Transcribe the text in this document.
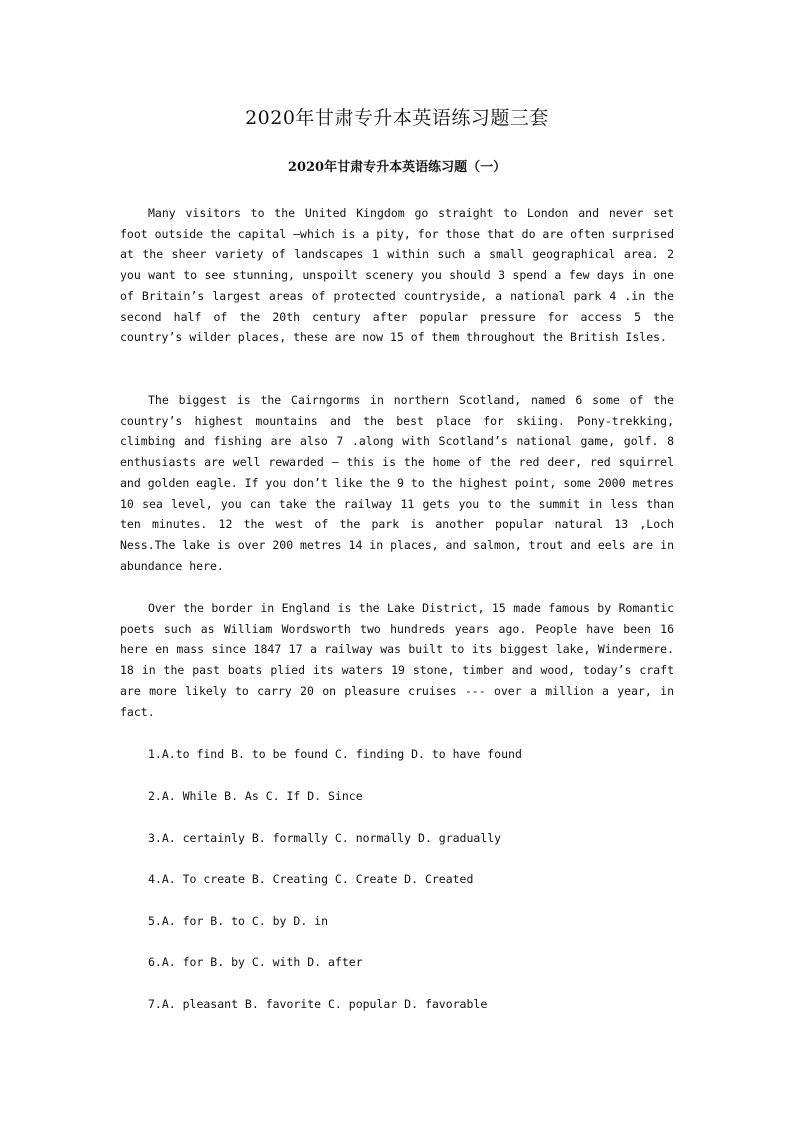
2020年甘肃专升本英语练习题三套
2020年甘肃专升本英语练习题（一）

Many visitors to the United Kingdom go straight to London and never set foot outside the capital —which is a pity, for those that do are often surprised at the sheer variety of landscapes 1 within such a small geographical area. 2 you want to see stunning, unspoilt scenery you should 3 spend a few days in one of Britain’s largest areas of protected countryside, a national park 4 .in the second half of the 20th century after popular pressure for access 5 the country’s wilder places, these are now 15 of them throughout the British Isles.

The biggest is the Cairngorms in northern Scotland, named 6 some of the country’s highest mountains and the best place for skiing. Pony-trekking, climbing and fishing are also 7 .along with Scotland’s national game, golf. 8 enthusiasts are well rewarded — this is the home of the red deer, red squirrel and golden eagle. If you don’t like the 9 to the highest point, some 2000 metres 10 sea level, you can take the railway 11 gets you to the summit in less than ten minutes. 12 the west of the park is another popular natural 13 ,Loch Ness.The lake is over 200 metres 14 in places, and salmon, trout and eels are in abundance here.

Over the border in England is the Lake District, 15 made famous by Romantic poets such as William Wordsworth two hundreds years ago. People have been 16 here en mass since 1847 17 a railway was built to its biggest lake, Windermere. 18 in the past boats plied its waters 19 stone, timber and wood, today’s craft are more likely to carry 20 on pleasure cruises --- over a million a year, in fact.

1.A.to find B. to be found C. finding D. to have found
2.A. While B. As C. If D. Since
3.A. certainly B. formally C. normally D. gradually
4.A. To create B. Creating C. Create D. Created
5.A. for B. to C. by D. in
6.A. for B. by C. with D. after
7.A. pleasant B. favorite C. popular D. favorable
